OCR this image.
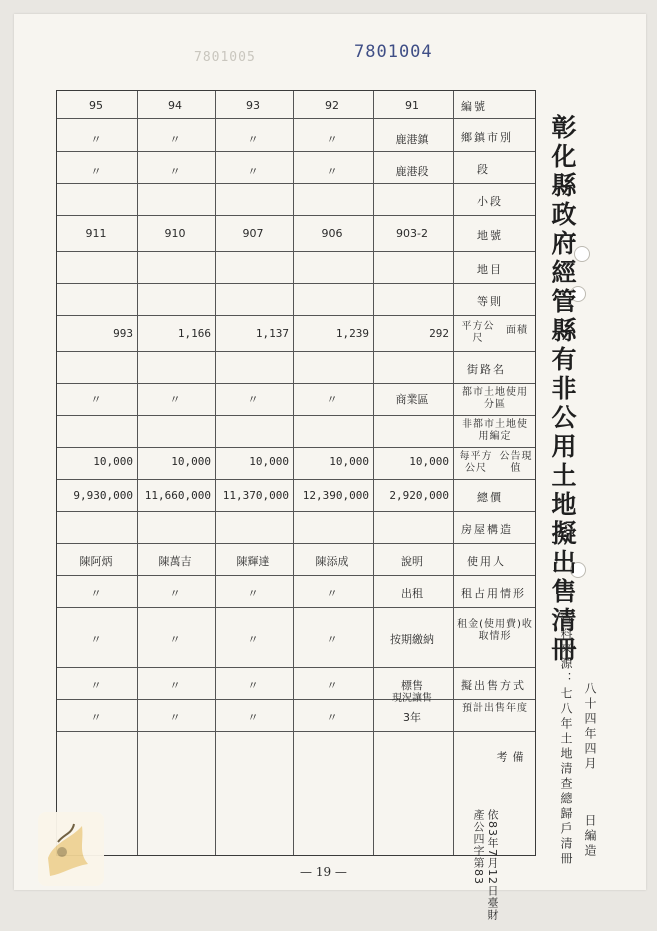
7801005	7801004
彰化縣政府經管縣有非公用土地擬出售清冊
資料來源：七八年土地清查總歸戶清冊 八十四年四月
日編造
編號
鄉鎮市別
段
小段
地號
地目
等則
平方公尺
面積
街路名
都市土地使用分區
非都市土地使用編定
每平方公尺
公告現值
總價
房屋構造
使用人
租占用情形
租金(使用費)收取情形
擬出售方式
預計出售年度
備考
依83年7月12日臺財產公四字第83
91
鹿港鎮
鹿港段
903-2
292
商業區
10,000
2,920,000
說明
出租
按期繳納
標售
3年
92
〃
〃
906
1,239
〃
10,000
12,390,000
陳添成
〃
〃
〃
〃
93
〃
〃
907
1,137
〃
10,000
11,370,000
陳輝達
〃
〃
〃
〃
94
〃
〃
910
1,166
〃
10,000
11,660,000
陳萬吉
〃
〃
〃
〃
95
〃
〃
911
993
〃
10,000
9,930,000
陳阿炳
〃
〃
〃
〃
現況讓售
— 19 —
